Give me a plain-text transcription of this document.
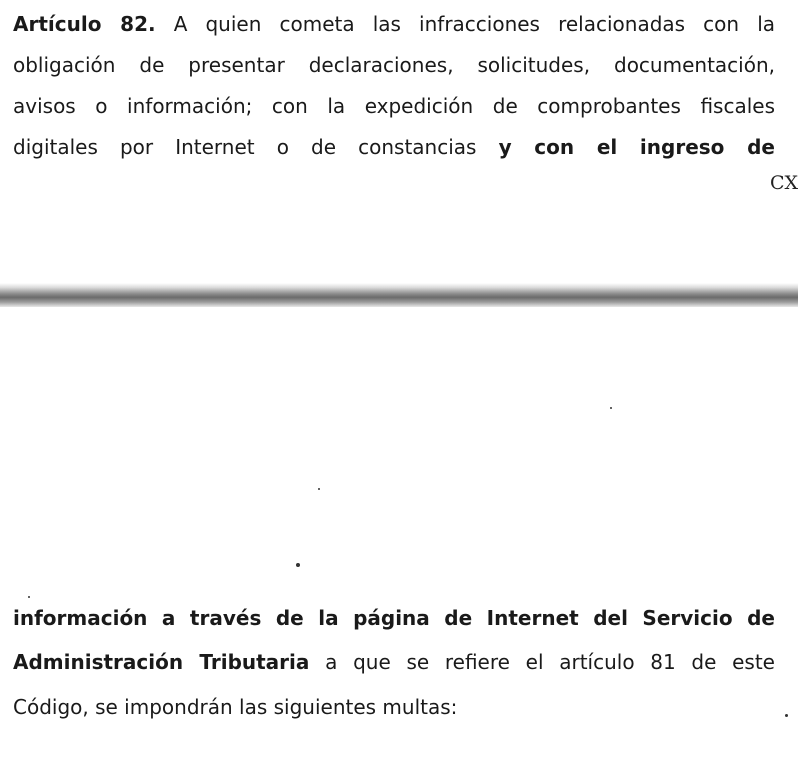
Artículo 82. A quien cometa las infracciones relacionadas con la
obligación de presentar declaraciones, solicitudes, documentación,
avisos o información; con la expedición de comprobantes fiscales
digitales por Internet o de constancias y con el ingreso de
CX
información a través de la página de Internet del Servicio de
Administración Tributaria a que se refiere el artículo 81 de este
Código, se impondrán las siguientes multas:
